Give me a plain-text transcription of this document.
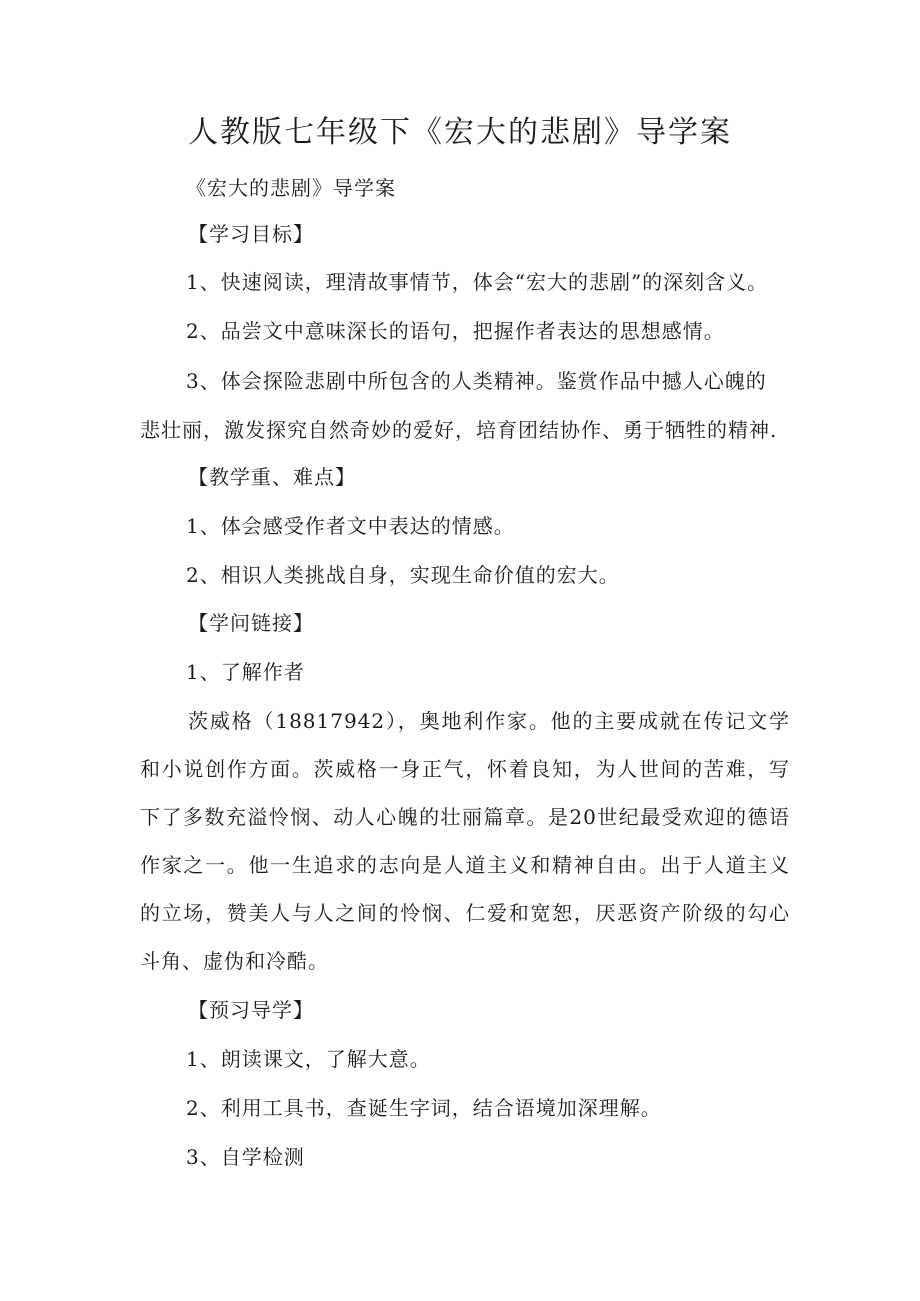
人教版七年级下《宏大的悲剧》导学案
《宏大的悲剧》导学案
【学习目标】
1、快速阅读，理清故事情节，体会“宏大的悲剧”的深刻含义。
2、品尝文中意味深长的语句，把握作者表达的思想感情。
3、体会探险悲剧中所包含的人类精神。鉴赏作品中撼人心魄的
悲壮丽，激发探究自然奇妙的爱好，培育团结协作、勇于牺牲的精神.
【教学重、难点】
1、体会感受作者文中表达的情感。
2、相识人类挑战自身，实现生命价值的宏大。
【学问链接】
1、了解作者
茨威格（18817942），奥地利作家。他的主要成就在传记文学和小说创作方面。茨威格一身正气，怀着良知，为人世间的苦难，写下了多数充溢怜悯、动人心魄的壮丽篇章。是20世纪最受欢迎的德语作家之一。他一生追求的志向是人道主义和精神自由。出于人道主义的立场，赞美人与人之间的怜悯、仁爱和宽恕，厌恶资产阶级的勾心斗角、虚伪和冷酷。
【预习导学】
1、朗读课文，了解大意。
2、利用工具书，查诞生字词，结合语境加深理解。
3、自学检测
